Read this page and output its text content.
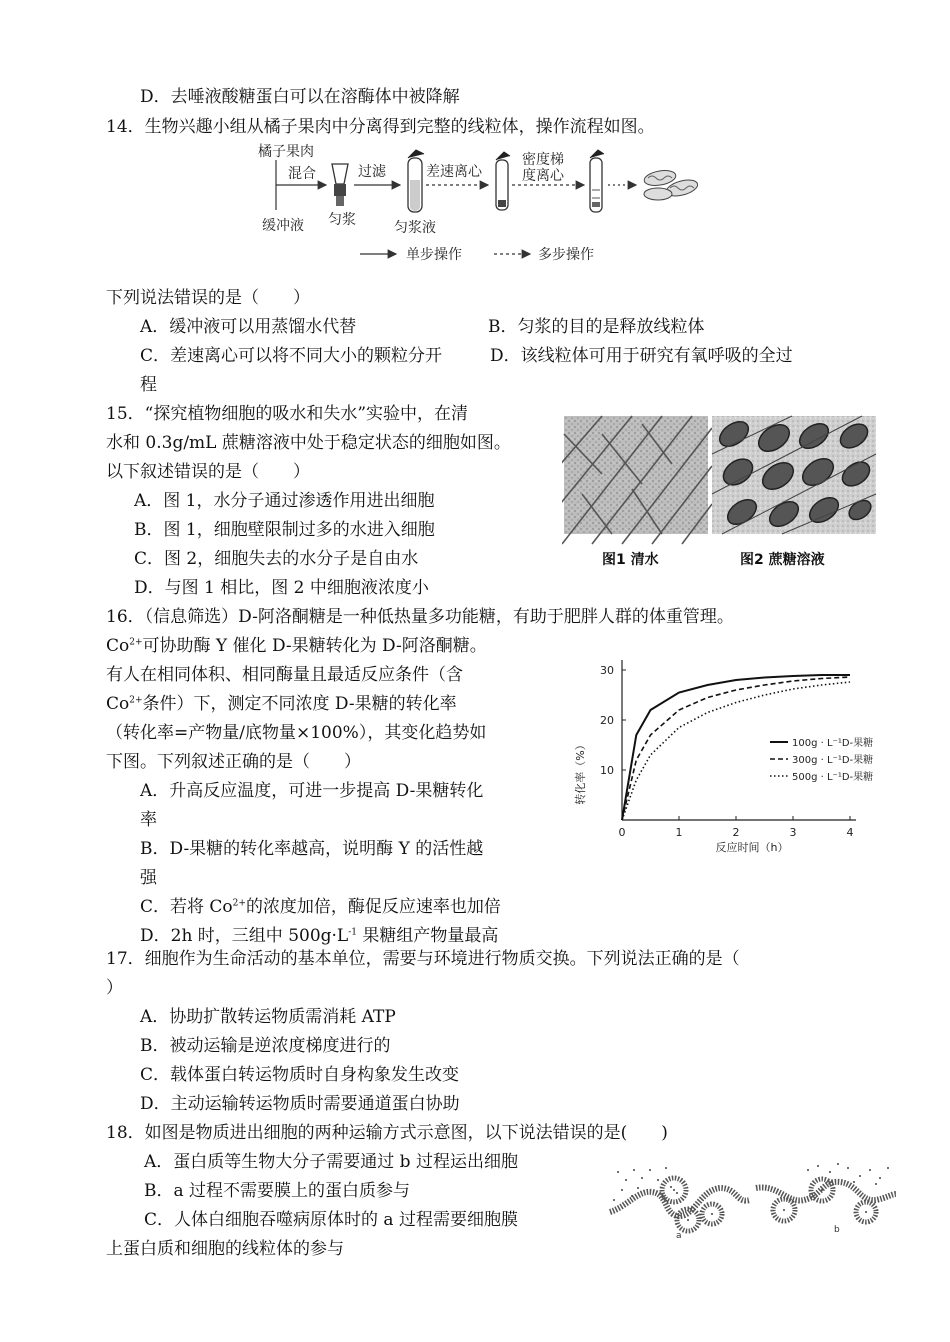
D．去唾液酸糖蛋白可以在溶酶体中被降解
14．生物兴趣小组从橘子果肉中分离得到完整的线粒体，操作流程如图。
橘子果肉
混合
缓冲液 匀浆
过滤
匀浆液
差速离心
密度梯
度离心
单步操作	多步操作
下列说法错误的是（　　）
A．缓冲液可以用蒸馏水代替	B．匀浆的目的是释放线粒体
C．差速离心可以将不同大小的颗粒分开	D．该线粒体可用于研究有氧呼吸的全过
程
15．“探究植物细胞的吸水和失水”实验中，在清
水和 0.3g/mL 蔗糖溶液中处于稳定状态的细胞如图。
以下叙述错误的是（　　）
A．图 1，水分子通过渗透作用进出细胞
B．图 1，细胞壁限制过多的水进入细胞
C．图 2，细胞失去的水分子是自由水
D．与图 1 相比，图 2 中细胞液浓度小
图1 清水	图2 蔗糖溶液
16．（信息筛选）D-阿洛酮糖是一种低热量多功能糖，有助于肥胖人群的体重管理。
$Co^{2+}$可协助酶 Y 催化 D-果糖转化为 D-阿洛酮糖。
有人在相同体积、相同酶量且最适反应条件（含
$Co^{2+}$条件）下，测定不同浓度 D-果糖的转化率
（转化率=产物量/底物量×100%），其变化趋势如
下图。下列叙述正确的是（　　）
A．升高反应温度，可进一步提高 D-果糖转化
率
B．D-果糖的转化率越高，说明酶 Y 的活性越
强
C．若将 $Co^{2+}$的浓度加倍，酶促反应速率也加倍
D．2h 时，三组中 $500g\cdot L^{-1}$ 果糖组产物量最高
0	1	2	3	4
10
20
30
100g · L⁻¹D-果糖
300g · L⁻¹D-果糖
500g · L⁻¹D-果糖
转化率（%）
反应时间（h）
17．细胞作为生命活动的基本单位，需要与环境进行物质交换。下列说法正确的是（
）
A．协助扩散转运物质需消耗 ATP
B．被动运输是逆浓度梯度进行的
C．载体蛋白转运物质时自身构象发生改变
D．主动运输转运物质时需要通道蛋白协助
18．如图是物质进出细胞的两种运输方式示意图，以下说法错误的是(　　)
A．蛋白质等生物大分子需要通过 b 过程运出细胞
B．a 过程不需要膜上的蛋白质参与
C．人体白细胞吞噬病原体时的 a 过程需要细胞膜
上蛋白质和细胞的线粒体的参与
a
b
